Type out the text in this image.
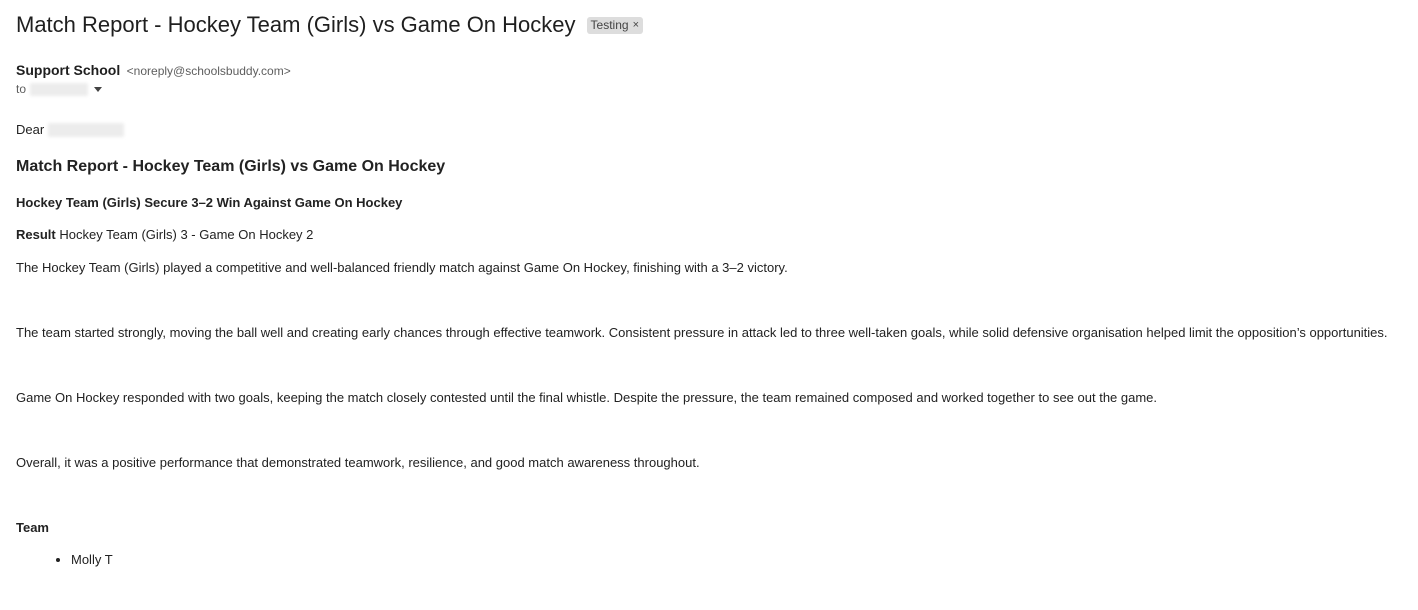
Match Report - Hockey Team (Girls) vs Game On Hockey Testing ×
Support School <noreply@schoolsbuddy.com>
to
Dear
Match Report - Hockey Team (Girls) vs Game On Hockey
Hockey Team (Girls) Secure 3–2 Win Against Game On Hockey
Result Hockey Team (Girls) 3 - Game On Hockey 2
The Hockey Team (Girls) played a competitive and well-balanced friendly match against Game On Hockey, finishing with a 3–2 victory.
The team started strongly, moving the ball well and creating early chances through effective teamwork. Consistent pressure in attack led to three well-taken goals, while solid defensive organisation helped limit the opposition’s opportunities.
Game On Hockey responded with two goals, keeping the match closely contested until the final whistle. Despite the pressure, the team remained composed and worked together to see out the game.
Overall, it was a positive performance that demonstrated teamwork, resilience, and good match awareness throughout.
Team
• Molly T
